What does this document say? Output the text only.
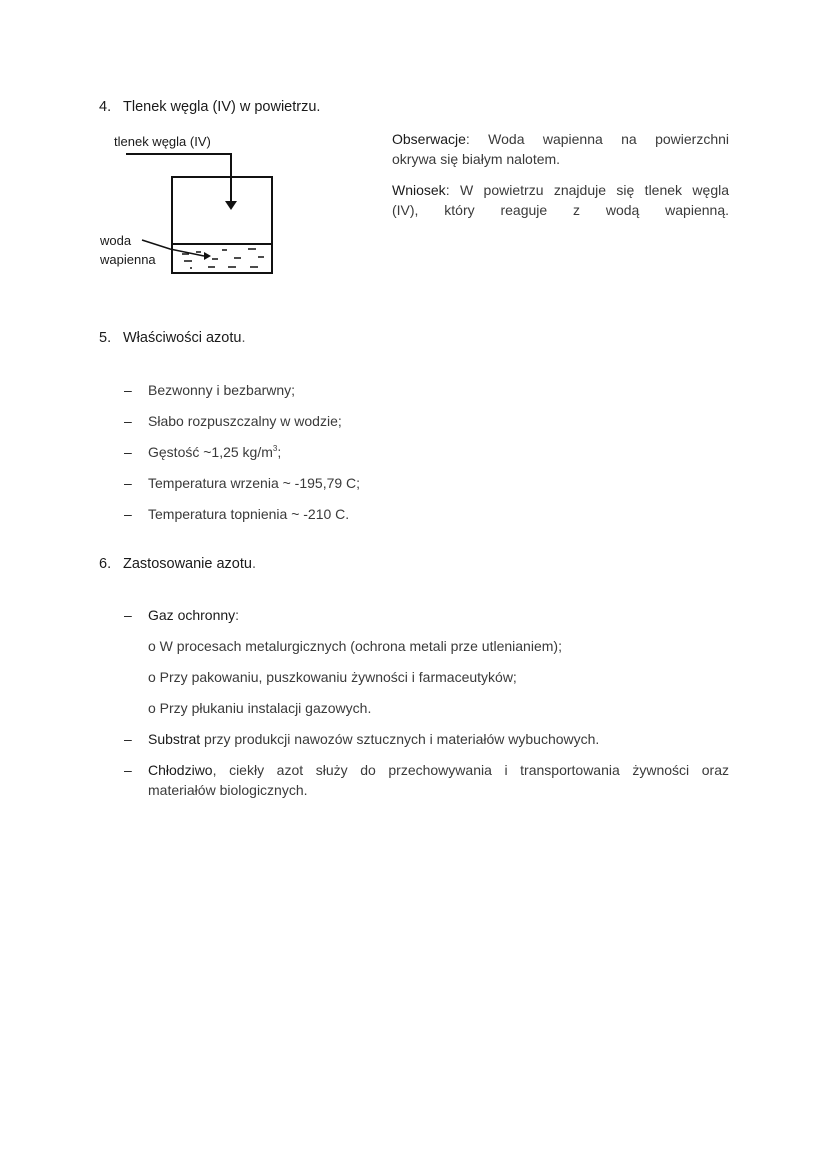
4. Tlenek węgla (IV) w powietrzu.
tlenek węgla (IV)
woda
wapienna
Obserwacje: Woda wapienna na powierzchni
okrywa się białym nalotem.
Wniosek: W powietrzu znajduje się tlenek węgla
(IV), który reaguje z wodą wapienną.
5. Właściwości azotu.
– Bezwonny i bezbarwny;
– Słabo rozpuszczalny w wodzie;
– Gęstość ~1,25 $kg/m^3$;
– Temperatura wrzenia ~ -195,79 C;
– Temperatura topnienia ~ -210 C.
6. Zastosowanie azotu.
– Gaz ochronny:
o W procesach metalurgicznych (ochrona metali prze utlenianiem);
o Przy pakowaniu, puszkowaniu żywności i farmaceutyków;
o Przy płukaniu instalacji gazowych.
– Substrat przy produkcji nawozów sztucznych i materiałów wybuchowych.
– Chłodziwo, ciekły azot służy do przechowywania i transportowania żywności oraz
materiałów biologicznych.
